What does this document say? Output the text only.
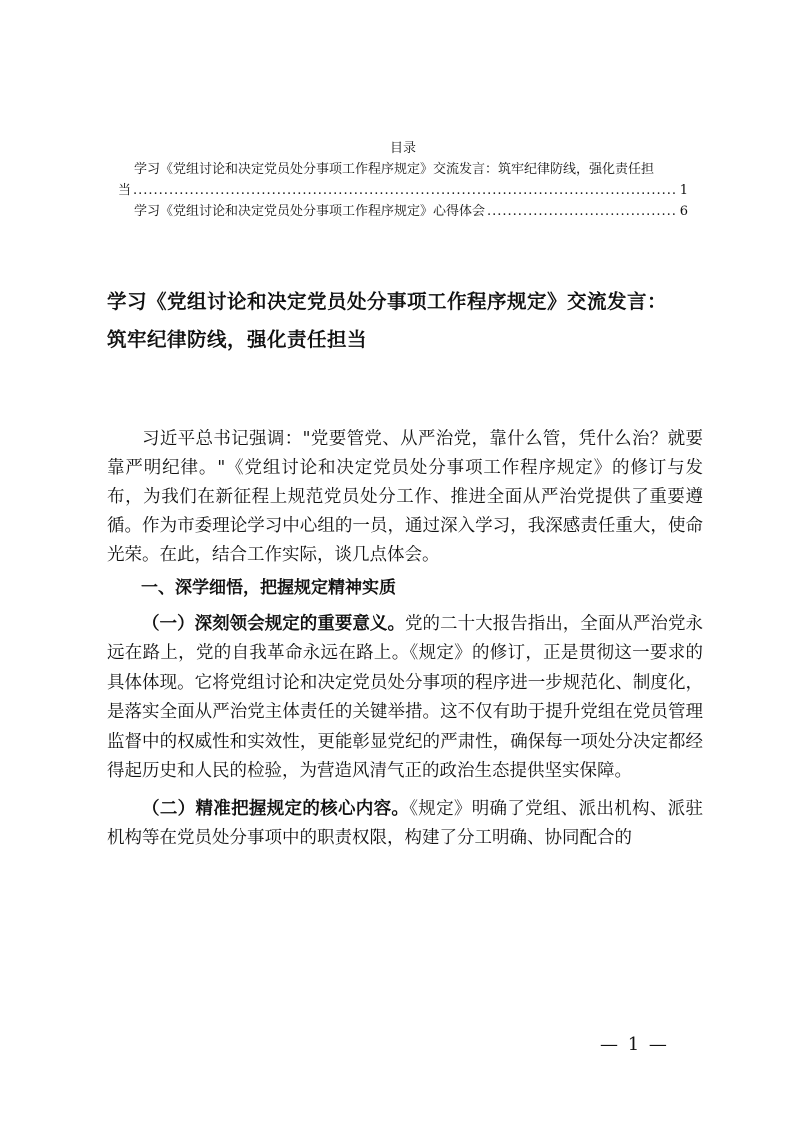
目录
学习《党组讨论和决定党员处分事项工作程序规定》交流发言：筑牢纪律防线，强化责任担
当 .....	1
学习《党组讨论和决定党员处分事项工作程序规定》心得体会 .....	6
学习《党组讨论和决定党员处分事项工作程序规定》交流发言：
筑牢纪律防线，强化责任担当

习近平总书记强调："党要管党、从严治党，靠什么管，凭什么治？就要靠严明纪律。"《党组讨论和决定党员处分事项工作程序规定》的修订与发布，为我们在新征程上规范党员处分工作、推进全面从严治党提供了重要遵循。作为市委理论学习中心组的一员，通过深入学习，我深感责任重大，使命光荣。在此，结合工作实际，谈几点体会。

一、深学细悟，把握规定精神实质

（一）深刻领会规定的重要意义。党的二十大报告指出，全面从严治党永远在路上，党的自我革命永远在路上。《规定》的修订，正是贯彻这一要求的具体体现。它将党组讨论和决定党员处分事项的程序进一步规范化、制度化，是落实全面从严治党主体责任的关键举措。这不仅有助于提升党组在党员管理监督中的权威性和实效性，更能彰显党纪的严肃性，确保每一项处分决定都经得起历史和人民的检验，为营造风清气正的政治生态提供坚实保障。

（二）精准把握规定的核心内容。《规定》明确了党组、派出机构、派驻机构等在党员处分事项中的职责权限，构建了分工明确、协同配合的

— 1 —
